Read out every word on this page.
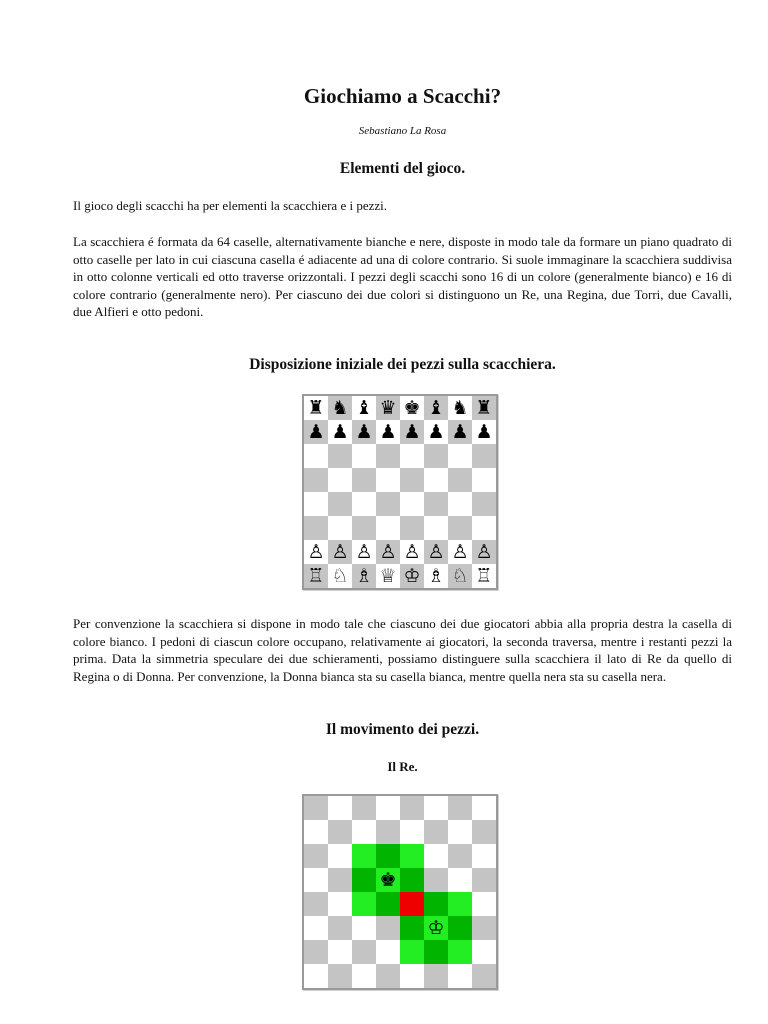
Giochiamo a Scacchi?
Sebastiano La Rosa
Elementi del gioco.

Il gioco degli scacchi ha per elementi la scacchiera e i pezzi.

La scacchiera é formata da 64 caselle, alternativamente bianche e nere, disposte in modo tale da formare un piano quadrato di otto caselle per lato in cui ciascuna casella é adiacente ad una di colore contrario. Si suole immaginare la scacchiera suddivisa in otto colonne verticali ed otto traverse orizzontali. I pezzi degli scacchi sono 16 di un colore (generalmente bianco) e 16 di colore contrario (generalmente nero). Per ciascuno dei due colori si distinguono un Re, una Regina, due Torri, due Cavalli, due Alfieri e otto pedoni.

Disposizione iniziale dei pezzi sulla scacchiera.
♜ ♞ ♝ ♛ ♚ ♝ ♞ ♜
♟ ♟ ♟ ♟ ♟ ♟ ♟ ♟
♙ ♙ ♙ ♙ ♙ ♙ ♙ ♙
♖ ♘ ♗ ♕ ♔ ♗ ♘ ♖

Per convenzione la scacchiera si dispone in modo tale che ciascuno dei due giocatori abbia alla propria destra la casella di colore bianco. I pedoni di ciascun colore occupano, relativamente ai giocatori, la seconda traversa, mentre i restanti pezzi la prima. Data la simmetria speculare dei due schieramenti, possiamo distinguere sulla scacchiera il lato di Re da quello di Regina o di Donna. Per convenzione, la Donna bianca sta su casella bianca, mentre quella nera sta su casella nera.

Il movimento dei pezzi.
Il Re.
♚
♔
